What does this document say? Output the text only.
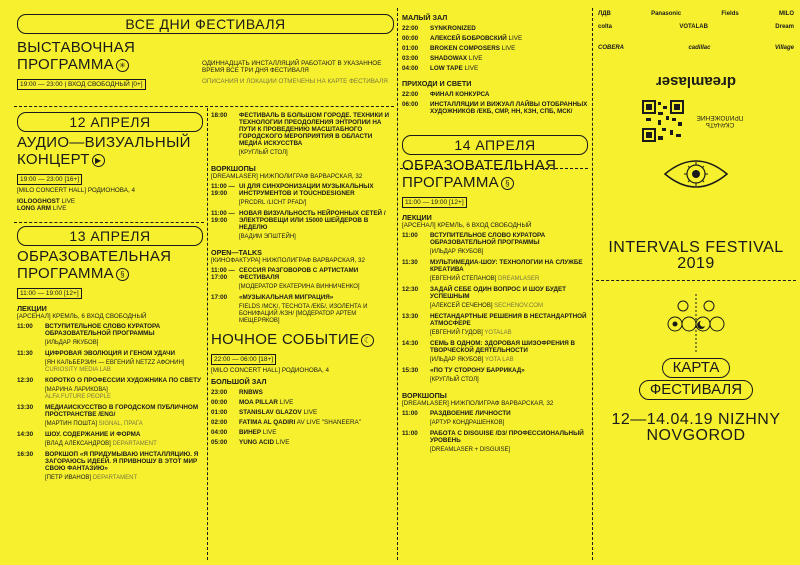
ВСЕ ДНИ ФЕСТИВАЛЯ
ВЫСТАВОЧНАЯ
ПРОГРАММА ✳
19:00 — 23:00 | ВХОД СВОБОДНЫЙ [0+]
ОДИННАДЦАТЬ ИНСТАЛЛЯЦИЙ РАБОТАЮТ В УКАЗАННОЕ ВРЕМЯ ВСЕ ТРИ ДНЯ ФЕСТИВАЛЯ
ОПИСАНИЯ И ЛОКАЦИИ ОТМЕЧЕНЫ НА КАРТЕ ФЕСТИВАЛЯ
12 АПРЕЛЯ
АУДИО—ВИЗУАЛЬНЫЙ
КОНЦЕРТ ▶
19:00 — 23:00 [16+]
[MILO CONCERT HALL] РОДИОНОВА, 4
IGLOOGHOST LIVE
LONG ARM LIVE
13 АПРЕЛЯ
ОБРАЗОВАТЕЛЬНАЯ
ПРОГРАММА §
11:00 — 19:00 [12+]
ЛЕКЦИИ
[АРСЕНАЛ] КРЕМЛЬ, 6 ВХОД СВОБОДНЫЙ
11:00	ВСТУПИТЕЛЬНОЕ СЛОВО КУРАТОРА ОБРАЗОВАТЕЛЬНОЙ ПРОГРАММЫ
[ИЛЬДАР ЯКУБОВ]
11:30	ЦИФРОВАЯ ЭВОЛЮЦИЯ И ГЕНОМ УДАЧИ
[ЯН КАЛЬБЕРЗИН — ЕВГЕНИЙ NETZZ АФОНИН]
CURIOSITY MEDIA LAB
12:30	КОРОТКО О ПРОФЕССИИ ХУДОЖНИКА ПО СВЕТУ
[МАРИНА ЛАРИКОВА]
ALFA FUTURE PEOPLE
13:30	МЕДИАИСКУССТВО В ГОРОДСКОМ ПУБЛИЧНОМ ПРОСТРАНСТВЕ /ENG/
[МАРТИН ПОШТА] SIGNAL, ПРАГА
14:30	ШОУ. СОДЕРЖАНИЕ И ФОРМА
[ВЛАД АЛЕКСАНДРОВ] DEPARTAMENT
16:30	ВОРКШОП «Я ПРИДУМЫВАЮ ИНСТАЛЛЯЦИЮ. Я ЗАГОРАЮСЬ ИДЕЕЙ. Я ПРИВНОШУ В ЭТОТ МИР СВОЮ ФАНТАЗИЮ»
[ПЕТР ИВАНОВ] DEPARTAMENT
18:00	ФЕСТИВАЛЬ В БОЛЬШОМ ГОРОДЕ. ТЕХНИКИ И ТЕХНОЛОГИИ ПРЕОДОЛЕНИЯ ЭНТРОПИИ НА ПУТИ К ПРОВЕДЕНИЮ МАСШТАБНОГО ГОРОДСКОГО МЕРОПРИЯТИЯ В ОБЛАСТИ МЕДИА ИСКУССТВА
[КРУГЛЫЙ СТОЛ]
ВОРКШОПЫ
[DREAMLASER] НИЖПОЛИГРАФ ВАРВАРСКАЯ, 32
11:00 — 19:00
UI ДЛЯ СИНХРОНИЗАЦИИ МУЗЫКАЛЬНЫХ ИНСТРУМЕНТОВ И TOUCHDESIGNER
[PRCDRL /LICHT PFAD/]
11:00 — 19:00
НОВАЯ ВИЗУАЛЬНОСТЬ НЕЙРОННЫХ СЕТЕЙ / ЭЛЕКТРОВЕЩИ ИЛИ 15000 ШЕЙДЕРОВ В НЕДЕЛЮ
[ВАДИМ ЭПШТЕЙН]
OPEN—TALKS
[КИНОФАКТУРА] НИЖПОЛИГРАФ ВАРВАРСКАЯ, 32
11:00 — 17:00
СЕССИЯ РАЗГОВОРОВ С АРТИСТАМИ ФЕСТИВАЛЯ
[МОДЕРАТОР ЕКАТЕРИНА ВИННИЧЕНКО]
17:00	«МУЗЫКАЛЬНАЯ МИГРАЦИЯ»
FIELDS /MCK/, TECHOTA /ЕКБ/, ИЗОЛЕНТА И БОНИФАЦИЙ /КЗН/ [МОДЕРАТОР АРТЕМ МЕЩЕРЯКОВ]
НОЧНОЕ СОБЫТИЕ ☾
22:00 — 06:00 [18+]
[MILO CONCERT HALL] РОДИОНОВА, 4
БОЛЬШОЙ ЗАЛ
23:00	RNBWS
00:00	MOA PILLAR LIVE
01:00	STANISLAV GLAZOV LIVE
02:00	FATIMA AL QADIRI AV LIVE "SHANEERA"
04:00	ВИНЕР LIVE
05:00	YUNG ACID LIVE
МАЛЫЙ ЗАЛ
22:00	SYNKRONIZED
00:00	АЛЕКСЕЙ БОБРОВСКИЙ LIVE
01:00	BROKEN COMPOSERS LIVE
03:00	SHADOWAX LIVE
04:00	LOW TAPE LIVE
ПРИХОДИ И СВЕТИ
22:00	ФИНАЛ КОНКУРСА
06:00	ИНСТАЛЛЯЦИИ И ВИЖУАЛ ЛАЙВЫ ОТОБРАННЫХ ХУДОЖНИКОВ /ЕКБ, СМР, НН, КЗН, СПБ, МСК/
14 АПРЕЛЯ
ОБРАЗОВАТЕЛЬНАЯ
ПРОГРАММА §
11:00 — 19:00 [12+]
ЛЕКЦИИ
[АРСЕНАЛ] КРЕМЛЬ, 6 ВХОД СВОБОДНЫЙ
11:00	ВСТУПИТЕЛЬНОЕ СЛОВО КУРАТОРА ОБРАЗОВАТЕЛЬНОЙ ПРОГРАММЫ
[ИЛЬДАР ЯКУБОВ]
11:30	МУЛЬТИМЕДИА-ШОУ: ТЕХНОЛОГИИ НА СЛУЖБЕ КРЕАТИВА
[ЕВГЕНИЙ СТЕПАНОВ] DREAMLASER
12:30	ЗАДАЙ СЕБЕ ОДИН ВОПРОС И ШОУ БУДЕТ УСПЕШНЫМ
[АЛЕКСЕЙ СЕЧЕНОВ] SECHENOV.COM
13:30	НЕСТАНДАРТНЫЕ РЕШЕНИЯ В НЕСТАНДАРТНОЙ АТМОСФЕРЕ
[ЕВГЕНИЙ ГУДОВ] YOTALAB
14:30	СЕМЬ В ОДНОМ: ЗДОРОВАЯ ШИЗОФРЕНИЯ В ТВОРЧЕСКОЙ ДЕЯТЕЛЬНОСТИ
[ИЛЬДАР ЯКУБОВ] YOTA LAB
15:30	«ПО ТУ СТОРОНУ БАРРИКАД»
[КРУГЛЫЙ СТОЛ]
ВОРКШОПЫ
[DREAMLASER] НИЖПОЛИГРАФ ВАРВАРСКАЯ, 32
11:00	РАЗДВОЕНИЕ ЛИЧНОСТИ
[АРТУР КОНДРАШЕНКОВ]
11:00	РАБОТА С DISGUISE /D3/ ПРОФЕССИОНАЛЬНЫЙ УРОВЕНЬ
[DREAMLASER + DISGUISE]
ЛДВ	Panasonic	Fields	MILO
colta	VOTALAB	Dream
COBERA	cadillac	Village
dreamlaser
СКАЧАТЬ ПРИЛОЖЕНИЕ
INTERVALS FESTIVAL
2019
КАРТА
ФЕСТИВАЛЯ
12—14.04.19 NIZHNY
NOVGOROD
